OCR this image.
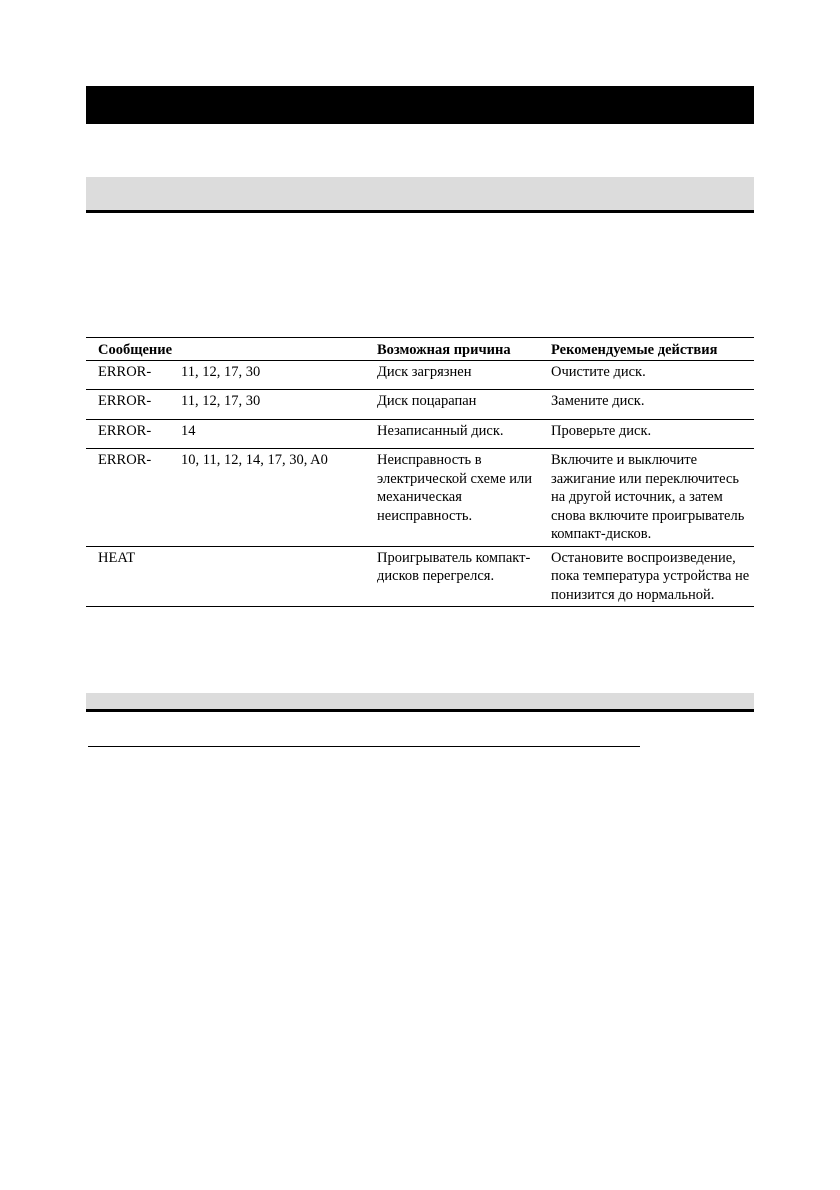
Сообщение		Возможная причина	Рекомендуемые действия
ERROR-	11, 12, 17, 30	Диск загрязнен	Очистите диск.
ERROR-	11, 12, 17, 30	Диск поцарапан	Замените диск.
ERROR-	14	Незаписанный диск.	Проверьте диск.
ERROR-	10, 11, 12, 14, 17, 30, A0	Неисправность в электрической схеме или механическая неисправность.	Включите и выключите зажигание или переключитесь на другой источник, а затем снова включите проигрыватель компакт-дисков.
HEAT		Проигрыватель компакт-дисков перегрелся.	Остановите воспроизведение, пока температура устройства не понизится до нормальной.
